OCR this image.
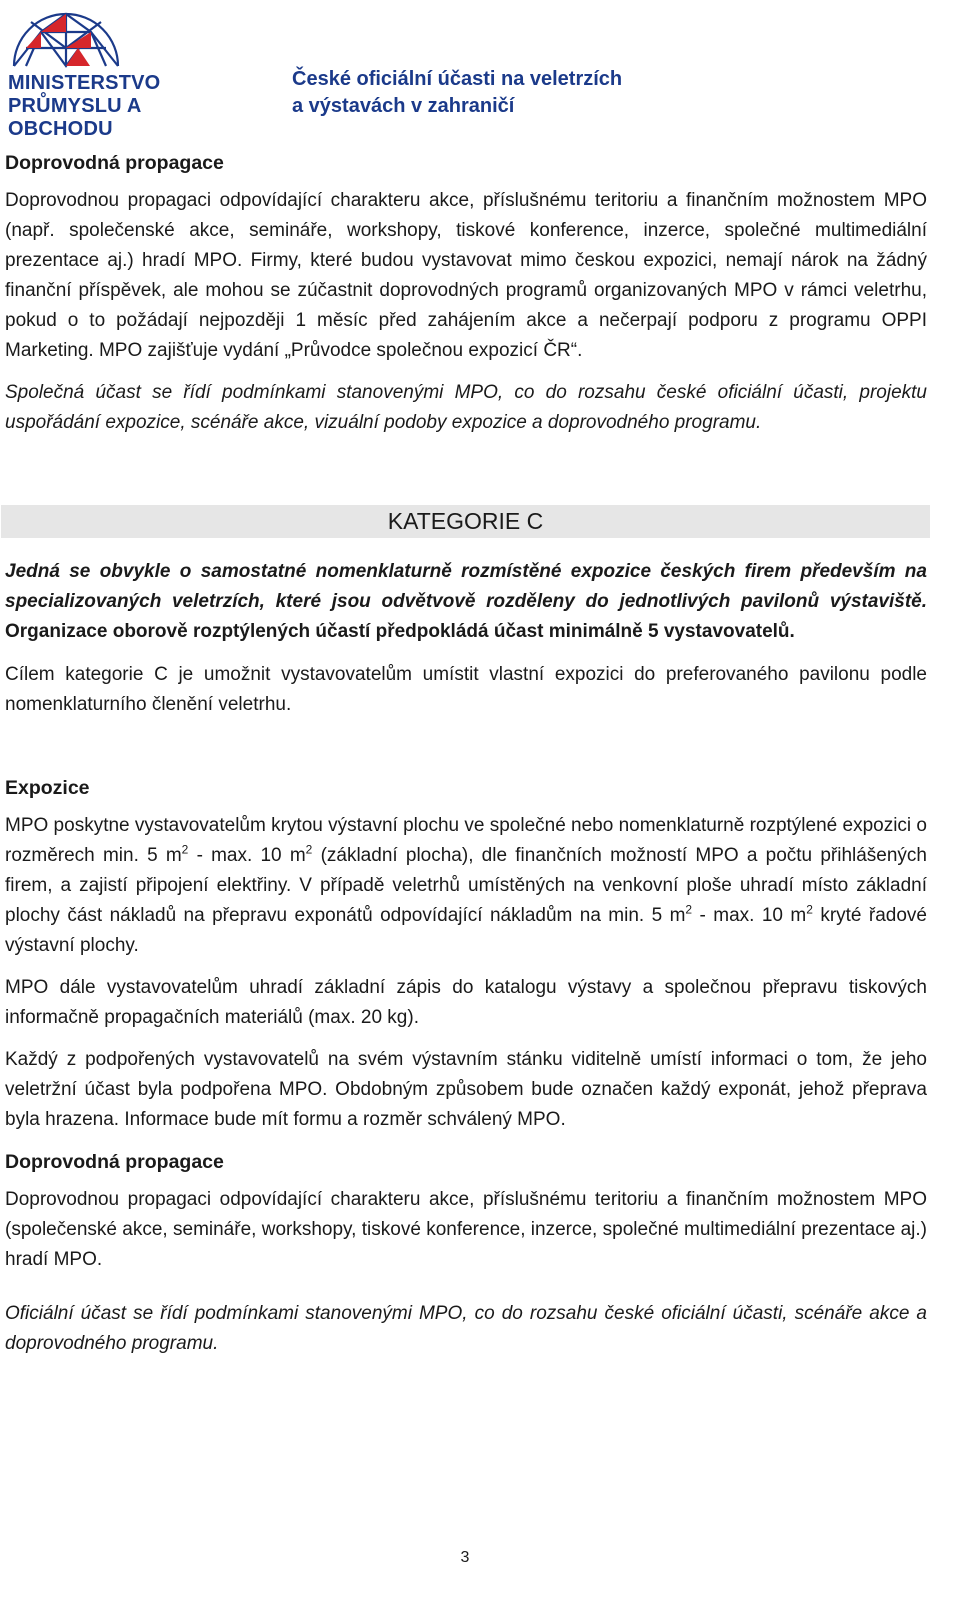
MINISTERSTVO
PRŮMYSLU A OBCHODU
České oficiální účasti na veletrzích
a výstavách v zahraničí

Doprovodná propagace

Doprovodnou propagaci odpovídající charakteru akce, příslušnému teritoriu a finančním možnostem MPO (např. společenské akce, semináře, workshopy, tiskové konference, inzerce, společné multimediální prezentace aj.) hradí MPO. Firmy, které budou vystavovat mimo českou expozici, nemají nárok na žádný finanční příspěvek, ale mohou se zúčastnit doprovodných programů organizovaných MPO v rámci veletrhu, pokud o to požádají nejpozději 1 měsíc před zahájením akce a nečerpají podporu z programu OPPI Marketing. MPO zajišťuje vydání „Průvodce společnou expozicí ČR“.

Společná účast se řídí podmínkami stanovenými MPO, co do rozsahu české oficiální účasti, projektu uspořádání expozice, scénáře akce, vizuální podoby expozice a doprovodného programu.

KATEGORIE C

Jedná se obvykle o samostatné nomenklaturně rozmístěné expozice českých firem především na specializovaných veletrzích, které jsou odvětvově rozděleny do jednotlivých pavilonů výstaviště. Organizace oborově rozptýlených účastí předpokládá účast minimálně 5 vystavovatelů.

Cílem kategorie C je umožnit vystavovatelům umístit vlastní expozici do preferovaného pavilonu podle nomenklaturního členění veletrhu.

Expozice

MPO poskytne vystavovatelům krytou výstavní plochu ve společné nebo nomenklaturně rozptýlené expozici o rozměrech min. 5 $m^2$ - max. 10 $m^2$ (základní plocha), dle finančních možností MPO a počtu přihlášených firem, a zajistí připojení elektřiny. V případě veletrhů umístěných na venkovní ploše uhradí místo základní plochy část nákladů na přepravu exponátů odpovídající nákladům na min. 5 $m^2$ - max. 10 $m^2$ kryté řadové výstavní plochy.

MPO dále vystavovatelům uhradí základní zápis do katalogu výstavy a společnou přepravu tiskových informačně propagačních materiálů (max. 20 kg).

Každý z podpořených vystavovatelů na svém výstavním stánku viditelně umístí informaci o tom, že jeho veletržní účast byla podpořena MPO. Obdobným způsobem bude označen každý exponát, jehož přeprava byla hrazena. Informace bude mít formu a rozměr schválený MPO.

Doprovodná propagace

Doprovodnou propagaci odpovídající charakteru akce, příslušnému teritoriu a finančním možnostem MPO (společenské akce, semináře, workshopy, tiskové konference, inzerce, společné multimediální prezentace aj.) hradí MPO.

Oficiální účast se řídí podmínkami stanovenými MPO, co do rozsahu české oficiální účasti, scénáře akce a doprovodného programu.

3
